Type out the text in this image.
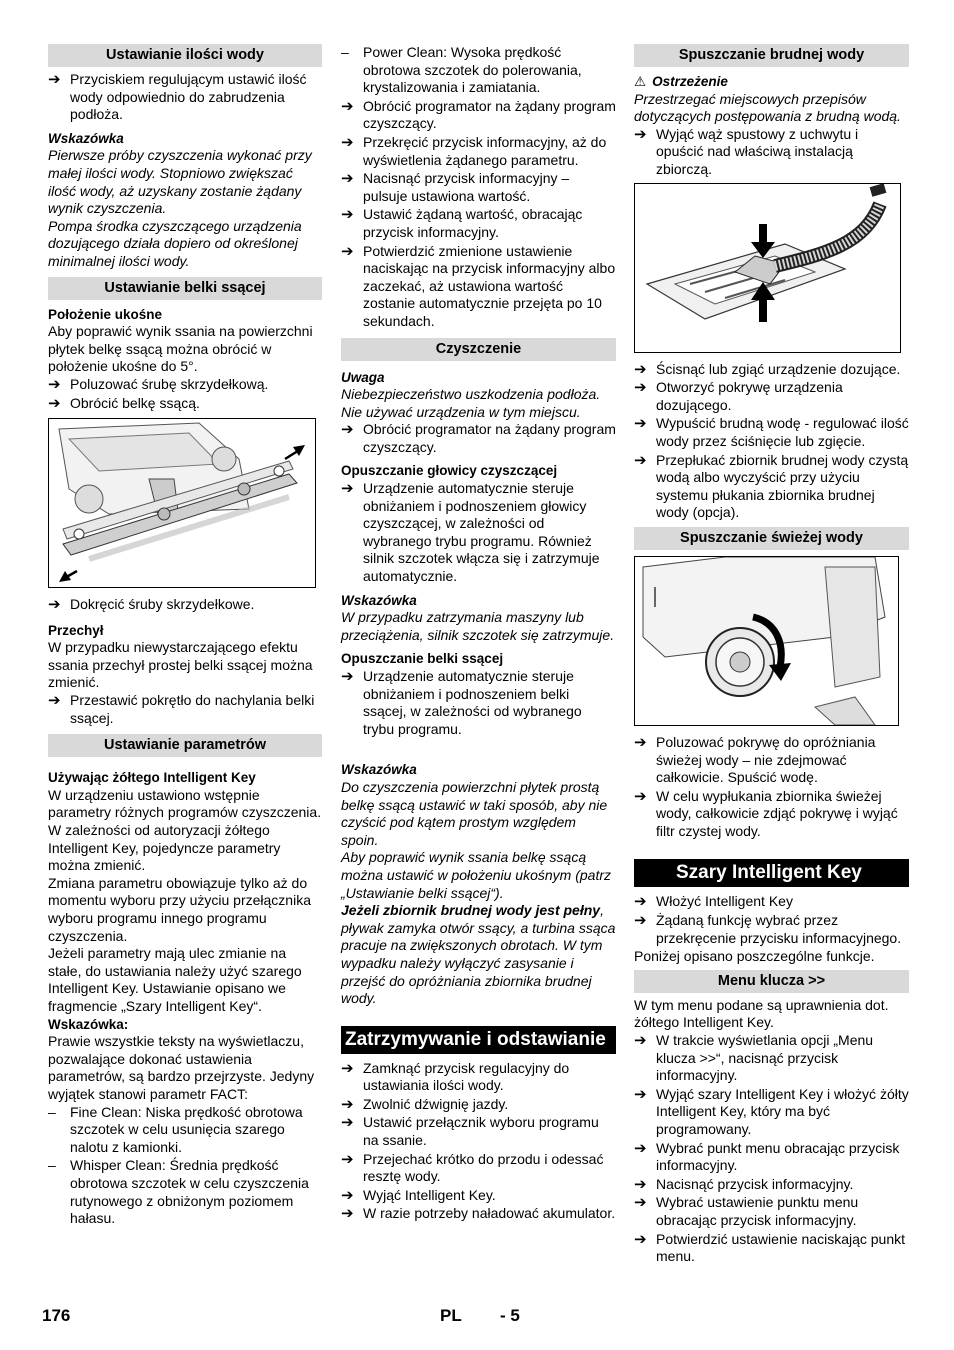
Ustawianie ilości wody
➔ Przyciskiem regulującym ustawić ilość wody odpowiednio do zabrudzenia podłoża.
Wskazówka
Pierwsze próby czyszczenia wykonać przy małej ilości wody. Stopniowo zwiększać ilość wody, aż uzyskany zostanie żądany wynik czyszczenia.
Pompa środka czyszczącego urządzenia dozującego działa dopiero od określonej minimalnej ilości wody.
Ustawianie belki ssącej
Położenie ukośne
Aby poprawić wynik ssania na powierzchni płytek belkę ssącą można obrócić w położenie ukośne do 5°.
➔ Poluzować śrubę skrzydełkową.
➔ Obrócić belkę ssącą.
➔ Dokręcić śruby skrzydełkowe.
Przechył
W przypadku niewystarczającego efektu ssania przechył prostej belki ssącej można zmienić.
➔ Przestawić pokrętło do nachylania belki ssącej.
Ustawianie parametrów
Używając żółtego Intelligent Key
W urządzeniu ustawiono wstępnie parametry różnych programów czyszczenia.
W zależności od autoryzacji żółtego Intelligent Key, pojedyncze parametry można zmienić.
Zmiana parametru obowiązuje tylko aż do momentu wyboru przy użyciu przełącznika wyboru programu innego programu czyszczenia.
Jeżeli parametry mają ulec zmianie na stałe, do ustawiania należy użyć szarego Intelligent Key. Ustawianie opisano we fragmencie „Szary Intelligent Key“.
Wskazówka:
Prawie wszystkie teksty na wyświetlaczu, pozwalające dokonać ustawienia parametrów, są bardzo przejrzyste. Jedyny wyjątek stanowi parametr FACT:
– Fine Clean: Niska prędkość obrotowa szczotek w celu usunięcia szarego nalotu z kamionki.
– Whisper Clean: Średnia prędkość obrotowa szczotek w celu czyszczenia rutynowego z obniżonym poziomem hałasu.
– Power Clean: Wysoka prędkość obrotowa szczotek do polerowania, krystalizowania i zamiatania.
➔ Obrócić programator na żądany program czyszczący.
➔ Przekręcić przycisk informacyjny, aż do wyświetlenia żądanego parametru.
➔ Nacisnąć przycisk informacyjny – pulsuje ustawiona wartość.
➔ Ustawić żądaną wartość, obracając przycisk informacyjny.
➔ Potwierdzić zmienione ustawienie naciskając na przycisk informacyjny albo zaczekać, aż ustawiona wartość zostanie automatycznie przejęta po 10 sekundach.
Czyszczenie
Uwaga
Niebezpieczeństwo uszkodzenia podłoża. Nie używać urządzenia w tym miejscu.
➔ Obrócić programator na żądany program czyszczący.
Opuszczanie głowicy czyszczącej
➔ Urządzenie automatycznie steruje obniżaniem i podnoszeniem głowicy czyszczącej, w zależności od wybranego trybu programu. Również silnik szczotek włącza się i zatrzymuje automatycznie.
Wskazówka
W przypadku zatrzymania maszyny lub przeciążenia, silnik szczotek się zatrzymuje.
Opuszczanie belki ssącej
➔ Urządzenie automatycznie steruje obniżaniem i podnoszeniem belki ssącej, w zależności od wybranego trybu programu.
Wskazówka
Do czyszczenia powierzchni płytek prostą belkę ssącą ustawić w taki sposób, aby nie czyścić pod kątem prostym względem spoin.
Aby poprawić wynik ssania belkę ssącą można ustawić w położeniu ukośnym (patrz „Ustawianie belki ssącej“).
Jeżeli zbiornik brudnej wody jest pełny, pływak zamyka otwór ssący, a turbina ssąca pracuje na zwiększonych obrotach. W tym wypadku należy wyłączyć zasysanie i przejść do opróżniania zbiornika brudnej wody.
Zatrzymywanie i odstawianie
➔ Zamknąć przycisk regulacyjny do ustawiania ilości wody.
➔ Zwolnić dźwignię jazdy.
➔ Ustawić przełącznik wyboru programu na ssanie.
➔ Przejechać krótko do przodu i odessać resztę wody.
➔ Wyjąć Intelligent Key.
➔ W razie potrzeby naładować akumulator.
Spuszczanie brudnej wody
⚠ Ostrzeżenie
Przestrzegać miejscowych przepisów dotyczących postępowania z brudną wodą.
➔ Wyjąć wąż spustowy z uchwytu i opuścić nad właściwą instalacją zbiorczą.
➔ Ścisnąć lub zgiąć urządzenie dozujące.
➔ Otworzyć pokrywę urządzenia dozującego.
➔ Wypuścić brudną wodę - regulować ilość wody przez ściśnięcie lub zgięcie.
➔ Przepłukać zbiornik brudnej wody czystą wodą albo wyczyścić przy użyciu systemu płukania zbiornika brudnej wody (opcja).
Spuszczanie świeżej wody
➔ Poluzować pokrywę do opróżniania świeżej wody – nie zdejmować całkowicie. Spuścić wodę.
➔ W celu wypłukania zbiornika świeżej wody, całkowicie zdjąć pokrywę i wyjąć filtr czystej wody.
Szary Intelligent Key
➔ Włożyć Intelligent Key
➔ Żądaną funkcję wybrać przez przekręcenie przycisku informacyjnego.
Poniżej opisano poszczególne funkcje.
Menu klucza >>
W tym menu podane są uprawnienia dot. żółtego Intelligent Key.
➔ W trakcie wyświetlania opcji „Menu klucza >>“, nacisnąć przycisk informacyjny.
➔ Wyjąć szary Intelligent Key i włożyć żółty Intelligent Key, który ma być programowany.
➔ Wybrać punkt menu obracając przycisk informacyjny.
➔ Nacisnąć przycisk informacyjny.
➔ Wybrać ustawienie punktu menu obracając przycisk informacyjny.
➔ Potwierdzić ustawienie naciskając punkt menu.
176	PL - 5
